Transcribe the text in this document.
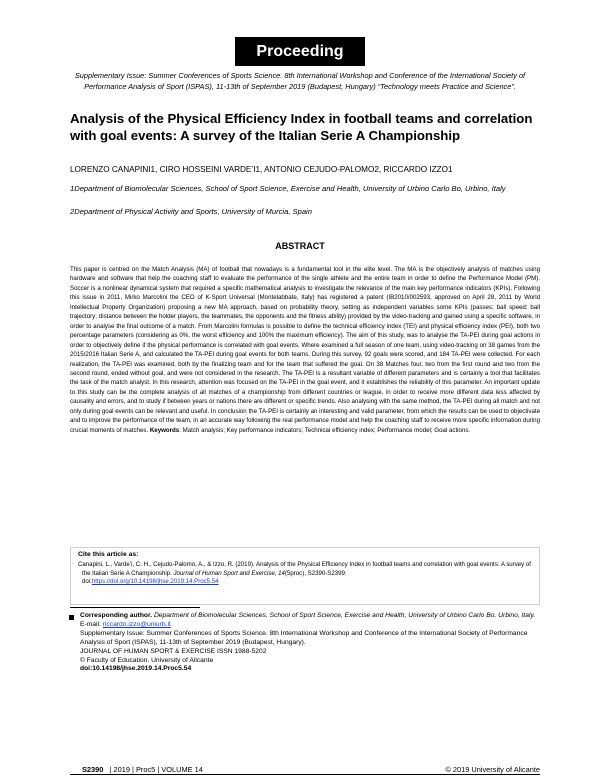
Proceeding
Supplementary Issue: Summer Conferences of Sports Science. 8th International Workshop and Conference of the International Society of Performance Analysis of Sport (ISPAS), 11-13th of September 2019 (Budapest, Hungary) “Technology meets Practice and Science”.
Analysis of the Physical Efficiency Index in football teams and correlation with goal events: A survey of the Italian Serie A Championship
LORENZO CANAPINI1, CIRO HOSSEINI VARDE’I1, ANTONIO CEJUDO-PALOMO2, RICCARDO IZZO1
1Department of Biomolecular Sciences, School of Sport Science, Exercise and Health, University of Urbino Carlo Bo, Urbino, Italy
2Department of Physical Activity and Sports, University of Murcia, Spain
ABSTRACT
This paper is centred on the Match Analysis (MA) of football that nowadays is a fundamental tool in the elite level. The MA is the objectively analysis of matches using hardware and software that help the coaching staff to evaluate the performance of the single athlete and the entire team in order to define the Performance Model (PM). Soccer is a nonlinear dynamical system that required a specific mathematical analysis to investigate the relevance of the main key performance indicators (KPIs). Following this issue in 2011, Mirko Marcolini the CEO of K-Sport Universal (Montelabbate, Italy) has registered a patent (IB2010/002593, approved on April 28, 2011 by World Intellectual Property Organization) proposing a new MA approach, based on probability theory, setting as independent variables some KPIs (passes; ball speed; ball trajectory; distance between the holder players, the teammates, the opponents and the fitness ability) provided by the video-tracking and gained using a specific software, in order to analyse the final outcome of a match. From Marcolini formulas is possible to define the technical efficiency index (TEI) and physical efficiency index (PEI), both two percentage parameters (considering as 0%, the worst efficiency and 100% the maximum efficiency). The aim of this study, was to analyse the TA-PEI during goal actions in order to objectively define if the physical performance is correlated with goal events. Where examined a full season of one team, using video-tracking on 38 games from the 2015/2016 Italian Serie A, and calculated the TA-PEI during goal events for both teams. During this survey, 92 goals were scored, and 184 TA-PEI were collected. For each realization, the TA-PEI was examined, both by the finalizing team and for the team that suffered the goal. On 38 Matches four, two from the first round and two from the second round, ended without goal, and were not considered in the research. The TA-PEI is a resultant variable of different parameters and is certainly a tool that facilitates the task of the match analyst. In this research, attention was focused on the TA-PEI in the goal event, and it establishes the reliability of this parameter. An important update to this study can be the complete analysis of all matches of a championship from different countries or league, in order to receive more different data less affected by causality and errors, and to study if between years or nations there are different or specific trends. Also analysing with the same method, the TA-PEI during all match and not only during goal events can be relevant and useful. In conclusion the TA-PEI is certainly an interesting and valid parameter, from which the results can be used to objectivate and to improve the performance of the team, in an accurate way following the real performance model and help the coaching staff to receive more specific information during crucial moments of matches. Keywords: Match analysis; Key performance indicators; Technical efficiency index; Performance model; Goal actions.
Cite this article as:
Canapini, L., Varde’i, C. H., Cejudo-Palomo, A., & Izzo, R. (2019). Analysis of the Physical Efficiency Index in football teams and correlation with goal events: A survey of the Italian Serie A Championship. Journal of Human Sport and Exercise, 14(5proc), S2390-S2399.
doi:https://doi.org/10.14198/jhse.2019.14.Proc5.54
Corresponding author. Department of Biomolecular Sciences, School of Sport Science, Exercise and Health, University of Urbino Carlo Bo, Urbino, Italy.
E-mail: riccardo.izzo@uniurb.it
Supplementary Issue: Summer Conferences of Sports Science. 8th International Workshop and Conference of the International Society of Performance Analysis of Sport (ISPAS), 11-13th of September 2019 (Budapest, Hungary).
JOURNAL OF HUMAN SPORT & EXERCISE ISSN 1988-5202
© Faculty of Education. University of Alicante
doi:10.14198/jhse.2019.14.Proc5.54
S2390 | 2019 | Proc5 | VOLUME 14	© 2019 University of Alicante
